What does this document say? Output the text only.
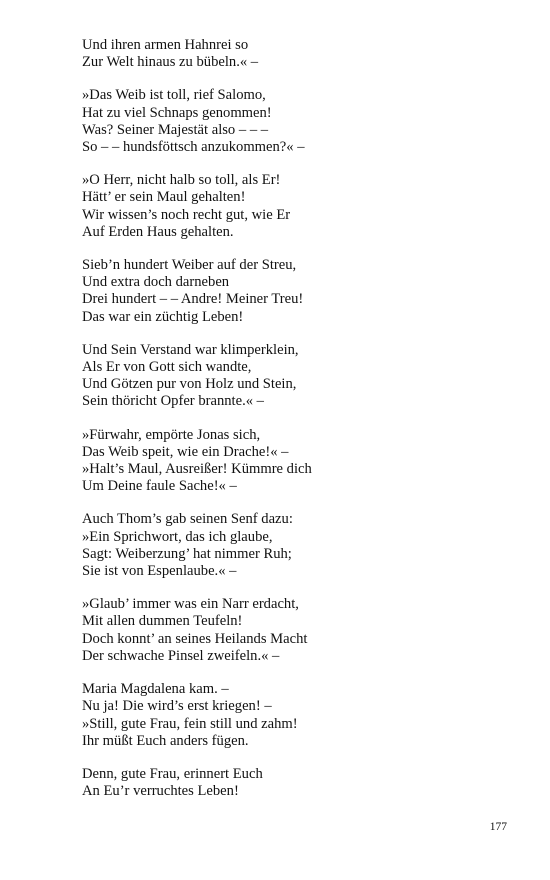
Und ihren armen Hahnrei so
Zur Welt hinaus zu bübeln.« –
»Das Weib ist toll, rief Salomo,
Hat zu viel Schnaps genommen!
Was? Seiner Majestät also – – –
So – – hundsföttsch anzukommen?« –
»O Herr, nicht halb so toll, als Er!
Hätt’ er sein Maul gehalten!
Wir wissen’s noch recht gut, wie Er
Auf Erden Haus gehalten.
Sieb’n hundert Weiber auf der Streu,
Und extra doch darneben
Drei hundert – – Andre! Meiner Treu!
Das war ein züchtig Leben!
Und Sein Verstand war klimperklein,
Als Er von Gott sich wandte,
Und Götzen pur von Holz und Stein,
Sein thöricht Opfer brannte.« –
»Fürwahr, empörte Jonas sich,
Das Weib speit, wie ein Drache!« –
»Halt’s Maul, Ausreißer! Kümmre dich
Um Deine faule Sache!« –
Auch Thom’s gab seinen Senf dazu:
»Ein Sprichwort, das ich glaube,
Sagt: Weiberzung’ hat nimmer Ruh;
Sie ist von Espenlaube.« –
»Glaub’ immer was ein Narr erdacht,
Mit allen dummen Teufeln!
Doch konnt’ an seines Heilands Macht
Der schwache Pinsel zweifeln.« –
Maria Magdalena kam. –
Nu ja! Die wird’s erst kriegen! –
»Still, gute Frau, fein still und zahm!
Ihr müßt Euch anders fügen.
Denn, gute Frau, erinnert Euch
An Eu’r verruchtes Leben!
177
